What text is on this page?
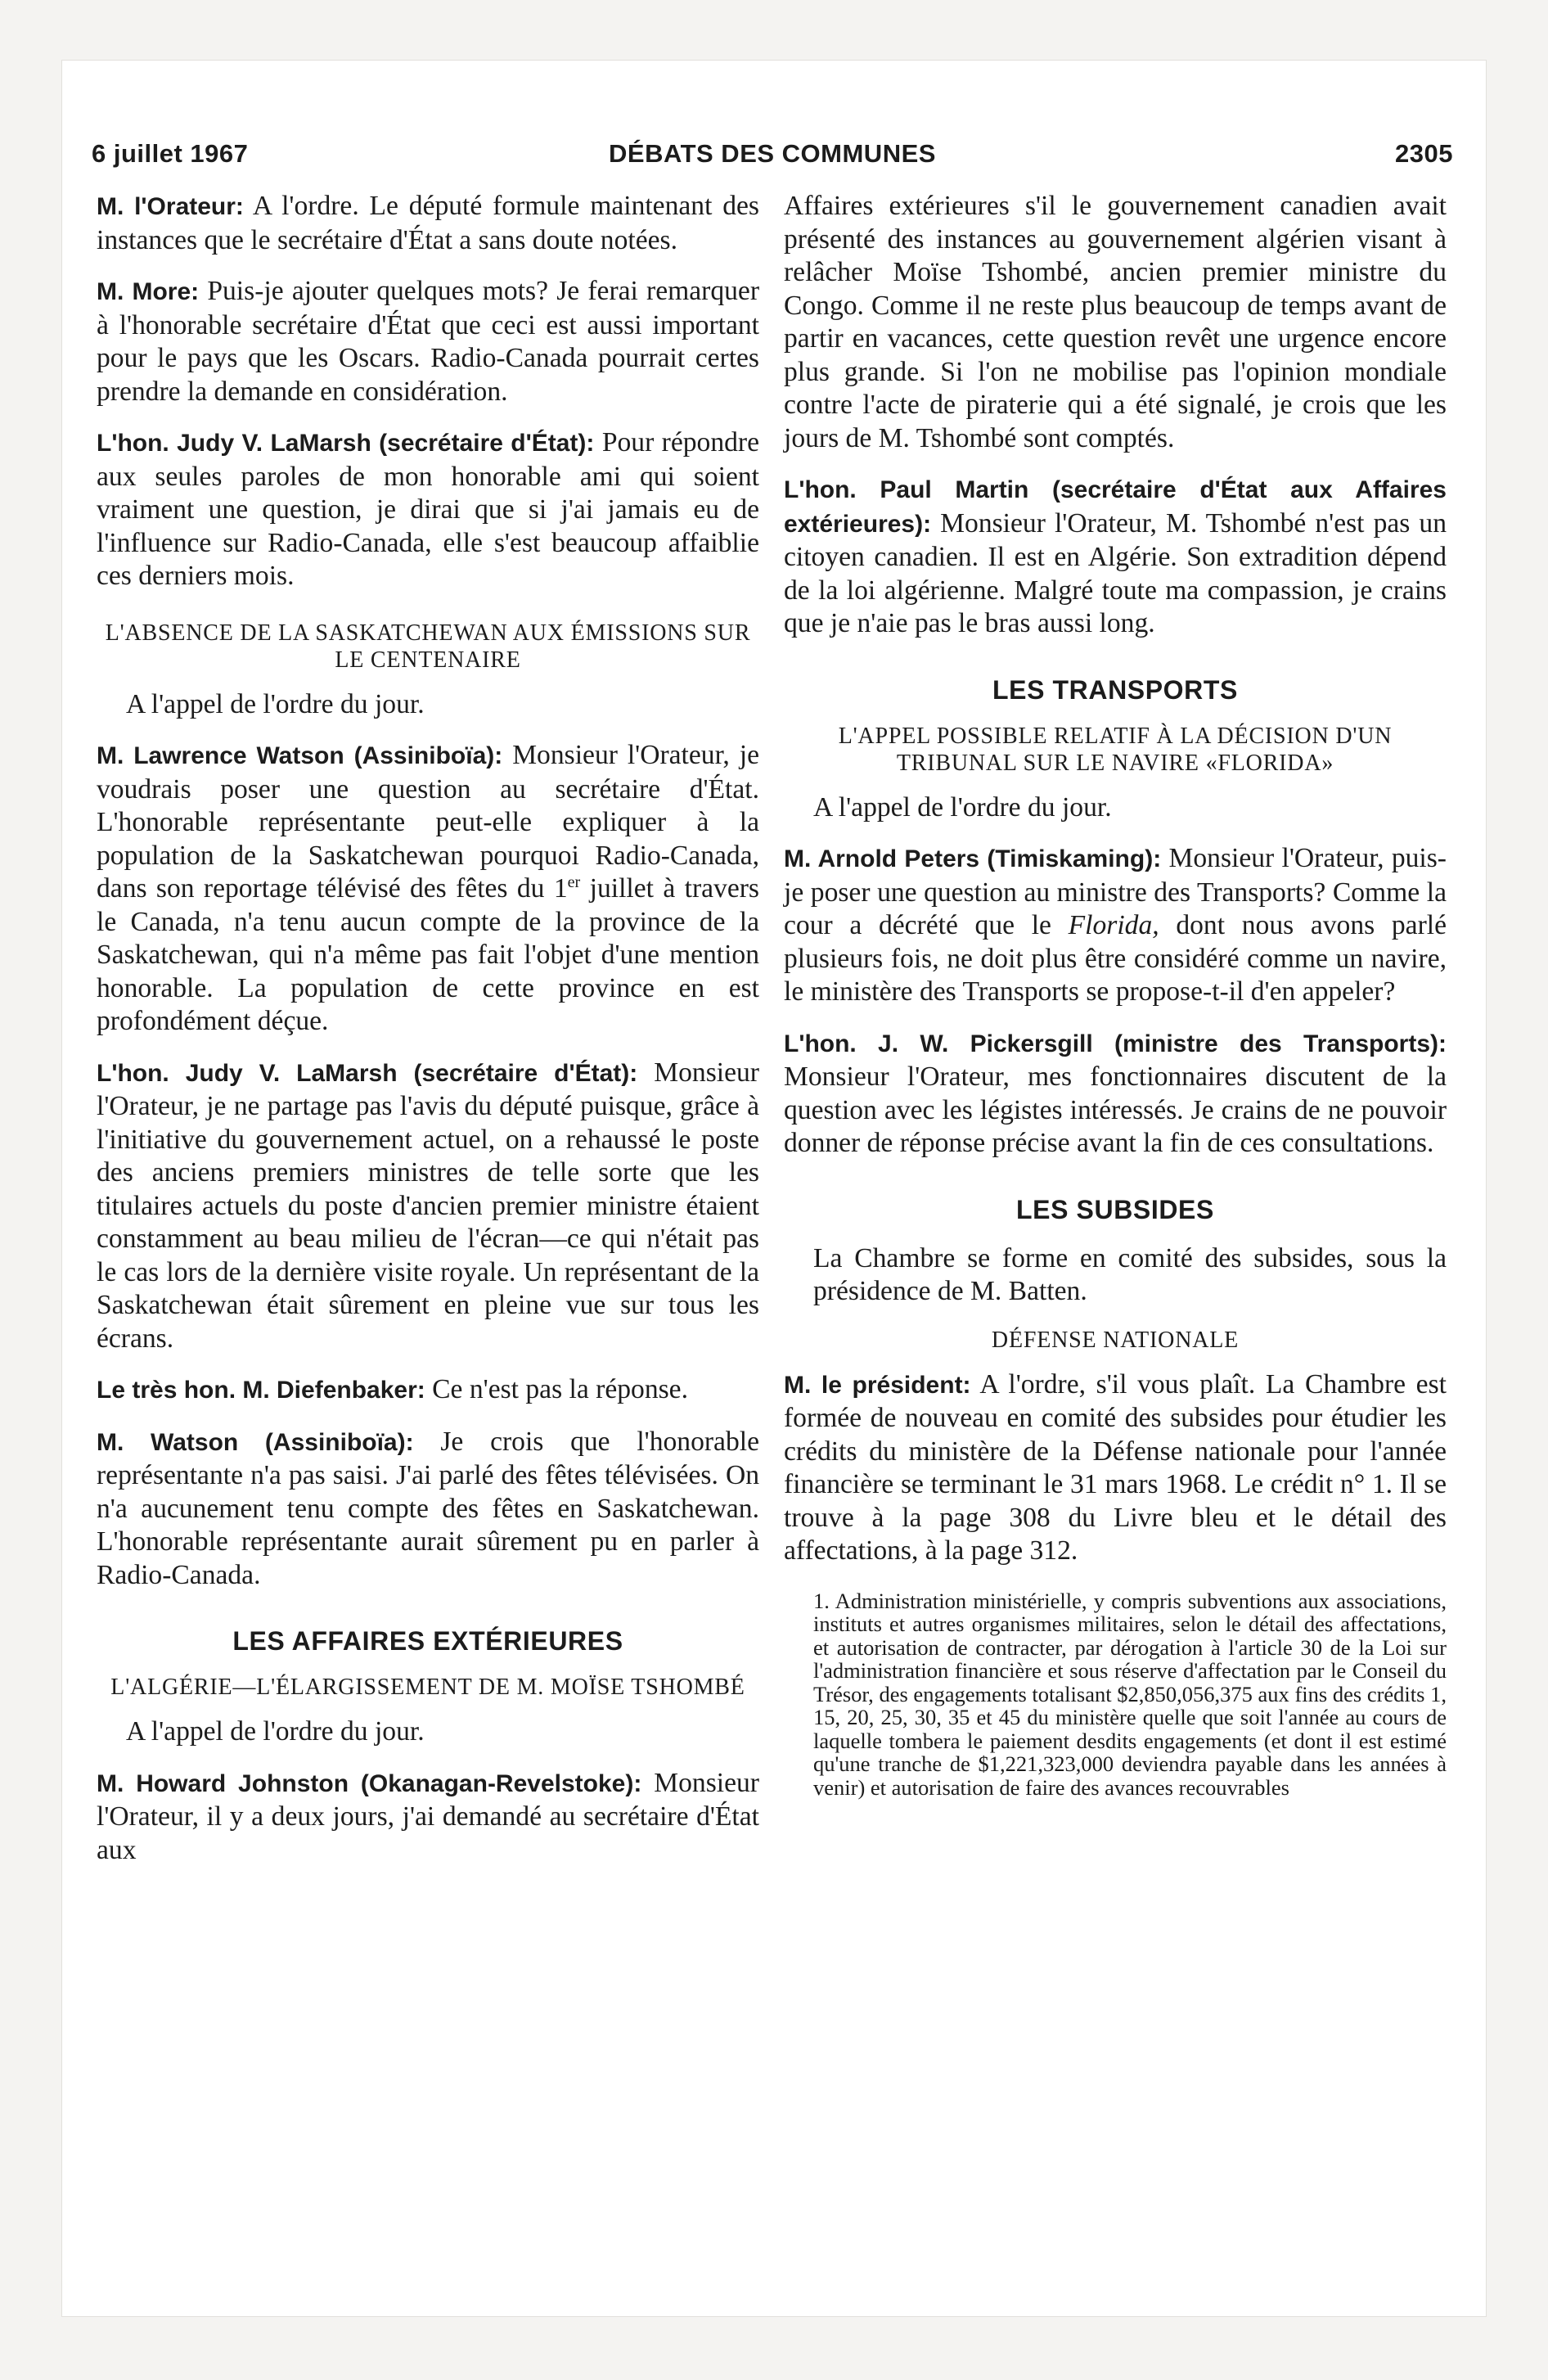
6 juillet 1967	DÉBATS DES COMMUNES	2305

M. l'Orateur: A l'ordre. Le député formule maintenant des instances que le secrétaire d'État a sans doute notées.

M. More: Puis-je ajouter quelques mots? Je ferai remarquer à l'honorable secrétaire d'État que ceci est aussi important pour le pays que les Oscars. Radio-Canada pourrait certes prendre la demande en considération.

L'hon. Judy V. LaMarsh (secrétaire d'État): Pour répondre aux seules paroles de mon honorable ami qui soient vraiment une question, je dirai que si j'ai jamais eu de l'influence sur Radio-Canada, elle s'est beaucoup affaiblie ces derniers mois.

L'ABSENCE DE LA SASKATCHEWAN AUX ÉMISSIONS SUR LE CENTENAIRE

A l'appel de l'ordre du jour.

M. Lawrence Watson (Assiniboïa): Monsieur l'Orateur, je voudrais poser une question au secrétaire d'État. L'honorable représentante peut-elle expliquer à la population de la Saskatchewan pourquoi Radio-Canada, dans son reportage télévisé des fêtes du 1er juillet à travers le Canada, n'a tenu aucun compte de la province de la Saskatchewan, qui n'a même pas fait l'objet d'une mention honorable. La population de cette province en est profondément déçue.

L'hon. Judy V. LaMarsh (secrétaire d'État): Monsieur l'Orateur, je ne partage pas l'avis du député puisque, grâce à l'initiative du gouvernement actuel, on a rehaussé le poste des anciens premiers ministres de telle sorte que les titulaires actuels du poste d'ancien premier ministre étaient constamment au beau milieu de l'écran—ce qui n'était pas le cas lors de la dernière visite royale. Un représentant de la Saskatchewan était sûrement en pleine vue sur tous les écrans.

Le très hon. M. Diefenbaker: Ce n'est pas la réponse.

M. Watson (Assiniboïa): Je crois que l'honorable représentante n'a pas saisi. J'ai parlé des fêtes télévisées. On n'a aucunement tenu compte des fêtes en Saskatchewan. L'honorable représentante aurait sûrement pu en parler à Radio-Canada.

LES AFFAIRES EXTÉRIEURES
L'ALGÉRIE—L'ÉLARGISSEMENT DE M. MOÏSE TSHOMBÉ

A l'appel de l'ordre du jour.

M. Howard Johnston (Okanagan-Revelstoke): Monsieur l'Orateur, il y a deux jours, j'ai demandé au secrétaire d'État aux

Affaires extérieures s'il le gouvernement canadien avait présenté des instances au gouvernement algérien visant à relâcher Moïse Tshombé, ancien premier ministre du Congo. Comme il ne reste plus beaucoup de temps avant de partir en vacances, cette question revêt une urgence encore plus grande. Si l'on ne mobilise pas l'opinion mondiale contre l'acte de piraterie qui a été signalé, je crois que les jours de M. Tshombé sont comptés.

L'hon. Paul Martin (secrétaire d'État aux Affaires extérieures): Monsieur l'Orateur, M. Tshombé n'est pas un citoyen canadien. Il est en Algérie. Son extradition dépend de la loi algérienne. Malgré toute ma compassion, je crains que je n'aie pas le bras aussi long.

LES TRANSPORTS
L'APPEL POSSIBLE RELATIF À LA DÉCISION D'UN TRIBUNAL SUR LE NAVIRE «FLORIDA»

A l'appel de l'ordre du jour.

M. Arnold Peters (Timiskaming): Monsieur l'Orateur, puis-je poser une question au ministre des Transports? Comme la cour a décrété que le Florida, dont nous avons parlé plusieurs fois, ne doit plus être considéré comme un navire, le ministère des Transports se propose-t-il d'en appeler?

L'hon. J. W. Pickersgill (ministre des Transports): Monsieur l'Orateur, mes fonctionnaires discutent de la question avec les légistes intéressés. Je crains de ne pouvoir donner de réponse précise avant la fin de ces consultations.

LES SUBSIDES

La Chambre se forme en comité des subsides, sous la présidence de M. Batten.

DÉFENSE NATIONALE

M. le président: A l'ordre, s'il vous plaît. La Chambre est formée de nouveau en comité des subsides pour étudier les crédits du ministère de la Défense nationale pour l'année financière se terminant le 31 mars 1968. Le crédit n° 1. Il se trouve à la page 308 du Livre bleu et le détail des affectations, à la page 312.

1. Administration ministérielle, y compris subventions aux associations, instituts et autres organismes militaires, selon le détail des affectations, et autorisation de contracter, par dérogation à l'article 30 de la Loi sur l'administration financière et sous réserve d'affectation par le Conseil du Trésor, des engagements totalisant $2,850,056,375 aux fins des crédits 1, 15, 20, 25, 30, 35 et 45 du ministère quelle que soit l'année au cours de laquelle tombera le paiement desdits engagements (et dont il est estimé qu'une tranche de $1,221,323,000 deviendra payable dans les années à venir) et autorisation de faire des avances recouvrables
